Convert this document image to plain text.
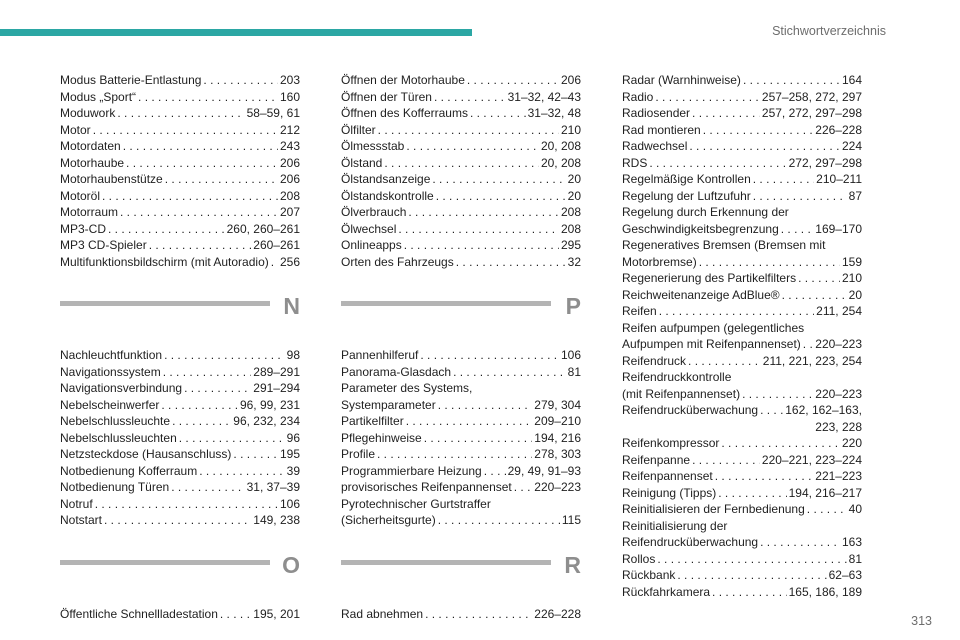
Stichwortverzeichnis
Modus Batterie-Entlastung . . .	203
Modus „Sport“ . . .	160
Moduwork . . .	58–59, 61
Motor . . .	212
Motordaten . . .	243
Motorhaube . . .	206
Motorhaubenstütze . . .	206
Motoröl . . .	208
Motorraum . . .	207
MP3-CD . . .	260, 260–261
MP3 CD-Spieler . . .	260–261
Multifunktionsbildschirm (mit Autoradio) . . . 256
N
Nachleuchtfunktion . . .	98
Navigationssystem . . .	289–291
Navigationsverbindung . . .	291–294
Nebelscheinwerfer . . .	96, 99, 231
Nebelschlussleuchte . . .	96, 232, 234
Nebelschlussleuchten . . .	96
Netzsteckdose (Hausanschluss) . . .	195
Notbedienung Kofferraum . . .	39
Notbedienung Türen . . .	31, 37–39
Notruf . . .	106
Notstart . . .	149, 238
O
Öffentliche Schnellladestation . . .	195, 201
Öffnen der Motorhaube . . .	206
Öffnen der Türen . . .	31–32, 42–43
Öffnen des Kofferraums . . .	31–32, 48
Ölfilter . . .	210
Ölmessstab . . .	20, 208
Ölstand . . .	20, 208
Ölstandsanzeige . . .	20
Ölstandskontrolle . . .	20
Ölverbrauch . . .	208
Ölwechsel . . .	208
Onlineapps . . .	295
Orten des Fahrzeugs . . .	32
P
Pannenhilferuf . . .	106
Panorama-Glasdach . . .	81
Parameter des Systems,
Systemparameter . . .	279, 304
Partikelfilter . . .	209–210
Pflegehinweise . . .	194, 216
Profile . . .	278, 303
Programmierbare Heizung . . . 29, 49, 91–93
provisorisches Reifenpannenset . . . 220–223
Pyrotechnischer Gurtstraffer
(Sicherheitsgurte) . . .	115
R
Rad abnehmen . . .	226–228
Radar (Warnhinweise) . . .	164
Radio . . .	257–258, 272, 297
Radiosender . . .	257, 272, 297–298
Rad montieren . . .	226–228
Radwechsel . . .	224
RDS . . .	272, 297–298
Regelmäßige Kontrollen . . .	210–211
Regelung der Luftzufuhr . . .	87
Regelung durch Erkennung der
Geschwindigkeitsbegrenzung . . .	169–170
Regeneratives Bremsen (Bremsen mit
Motorbremse) . . .	159
Regenerierung des Partikelfilters . . .	210
Reichweitenanzeige AdBlue® . . .	20
Reifen . . .	211, 254
Reifen aufpumpen (gelegentliches
Aufpumpen mit Reifenpannenset) . . . 220–223
Reifendruck . . .	211, 221, 223, 254
Reifendruckkontrolle
(mit Reifenpannenset) . . .	220–223
Reifendrucküberwachung . . . 162, 162–163,
223, 228
Reifenkompressor . . .	220
Reifenpanne . . .	220–221, 223–224
Reifenpannenset . . .	221–223
Reinigung (Tipps) . . .	194, 216–217
Reinitialisieren der Fernbedienung . . .	40
Reinitialisierung der
Reifendrucküberwachung . . .	163
Rollos . . .	81
Rückbank . . .	62–63
Rückfahrkamera . . .	165, 186, 189
313
